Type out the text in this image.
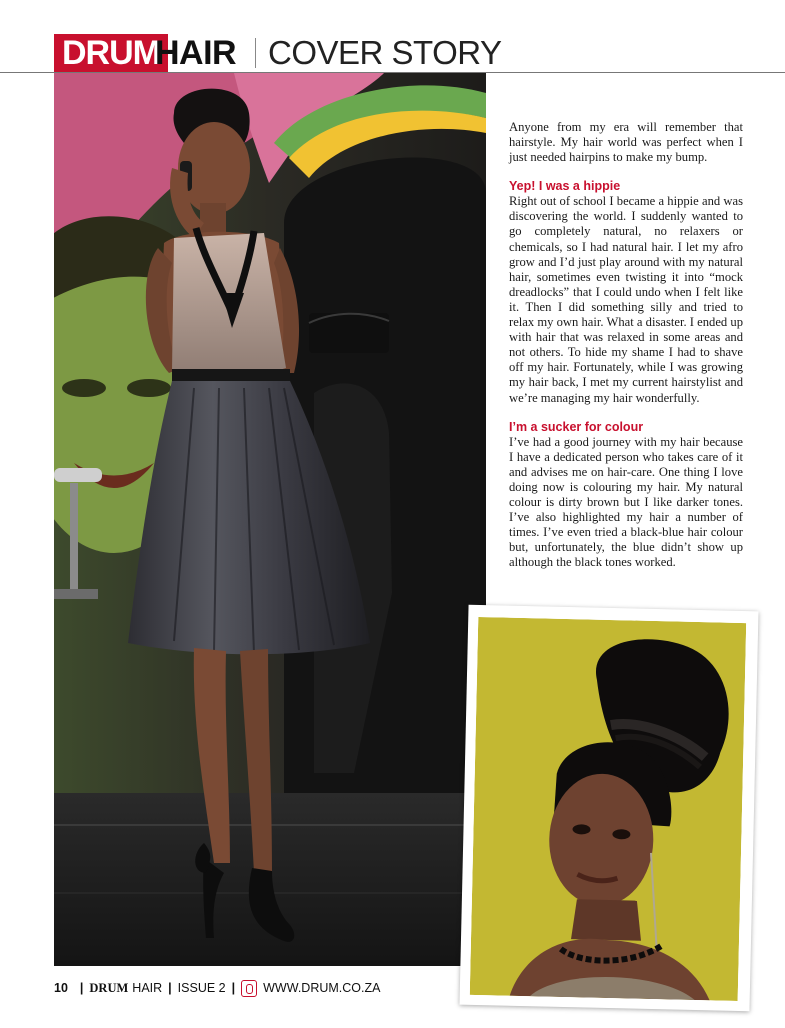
DRUM
HAIR COVER STORY

Anyone from my era will remember that hairstyle. My hair world was perfect when I just needed hairpins to make my bump.

Yep! I was a hippie

Right out of school I became a hippie and was discovering the world. I suddenly wanted to go completely natural, no relaxers or chemicals, so I had natural hair. I let my afro grow and I’d just play around with my natural hair, sometimes even twisting it into “mock dreadlocks” that I could undo when I felt like it. Then I did something silly and tried to relax my own hair. What a disaster. I ended up with hair that was relaxed in some areas and not others. To hide my shame I had to shave off my hair. Fortunately, while I was growing my hair back, I met my current hairstylist and we’re managing my hair wonderfully.

I’m a sucker for colour

I’ve had a good journey with my hair because I have a dedicated person who takes care of it and advises me on hair-care. One thing I love doing now is colouring my hair. My natural colour is dirty brown but I like darker tones. I’ve also highlighted my hair a number of times. I’ve even tried a black-blue hair colour but, unfortunately, the blue didn’t show up although the black tones worked.

10 | DRUM HAIR | ISSUE 2 | WWW.DRUM.CO.ZA
